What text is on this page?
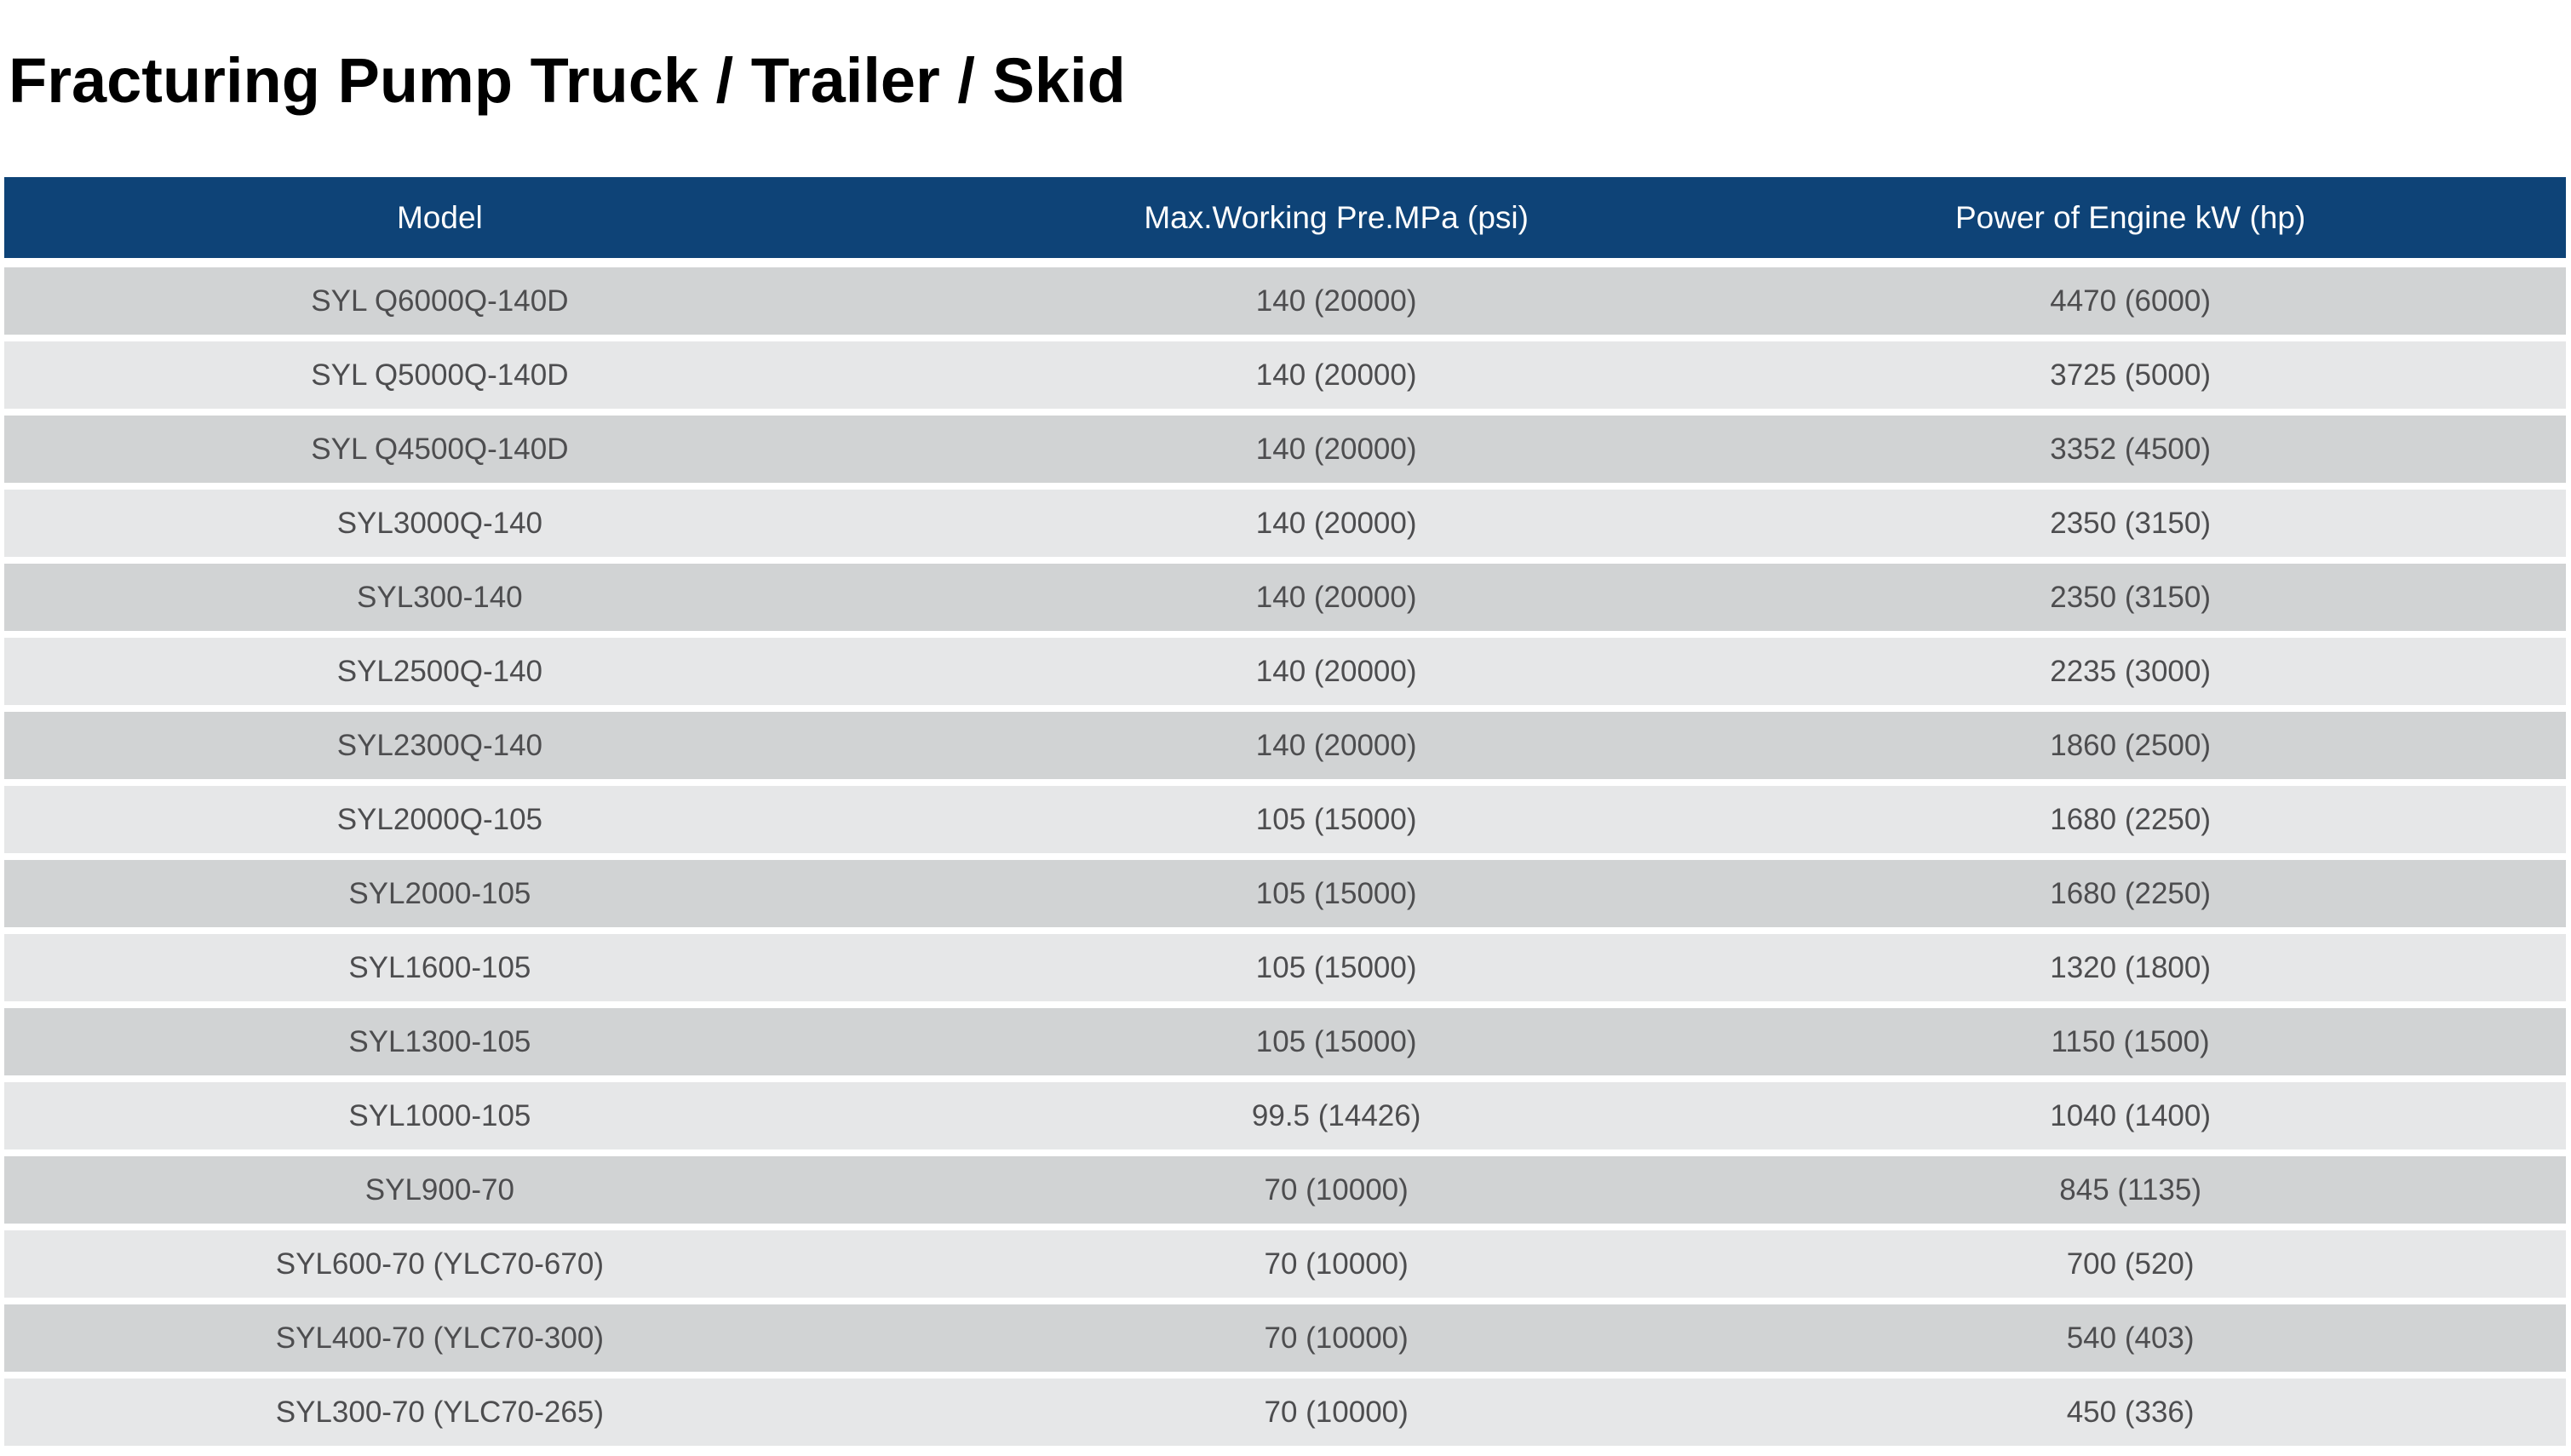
Fracturing Pump Truck / Trailer / Skid
Model	Max.Working Pre.MPa (psi)	Power of Engine kW (hp)
SYL Q6000Q-140D	140 (20000)	4470 (6000)
SYL Q5000Q-140D	140 (20000)	3725 (5000)
SYL Q4500Q-140D	140 (20000)	3352 (4500)
SYL3000Q-140	140 (20000)	2350 (3150)
SYL300-140	140 (20000)	2350 (3150)
SYL2500Q-140	140 (20000)	2235 (3000)
SYL2300Q-140	140 (20000)	1860 (2500)
SYL2000Q-105	105 (15000)	1680 (2250)
SYL2000-105	105 (15000)	1680 (2250)
SYL1600-105	105 (15000)	1320 (1800)
SYL1300-105	105 (15000)	1150 (1500)
SYL1000-105	99.5 (14426)	1040 (1400)
SYL900-70	70 (10000)	845 (1135)
SYL600-70 (YLC70-670)	70 (10000)	700 (520)
SYL400-70 (YLC70-300)	70 (10000)	540 (403)
SYL300-70 (YLC70-265)	70 (10000)	450 (336)
